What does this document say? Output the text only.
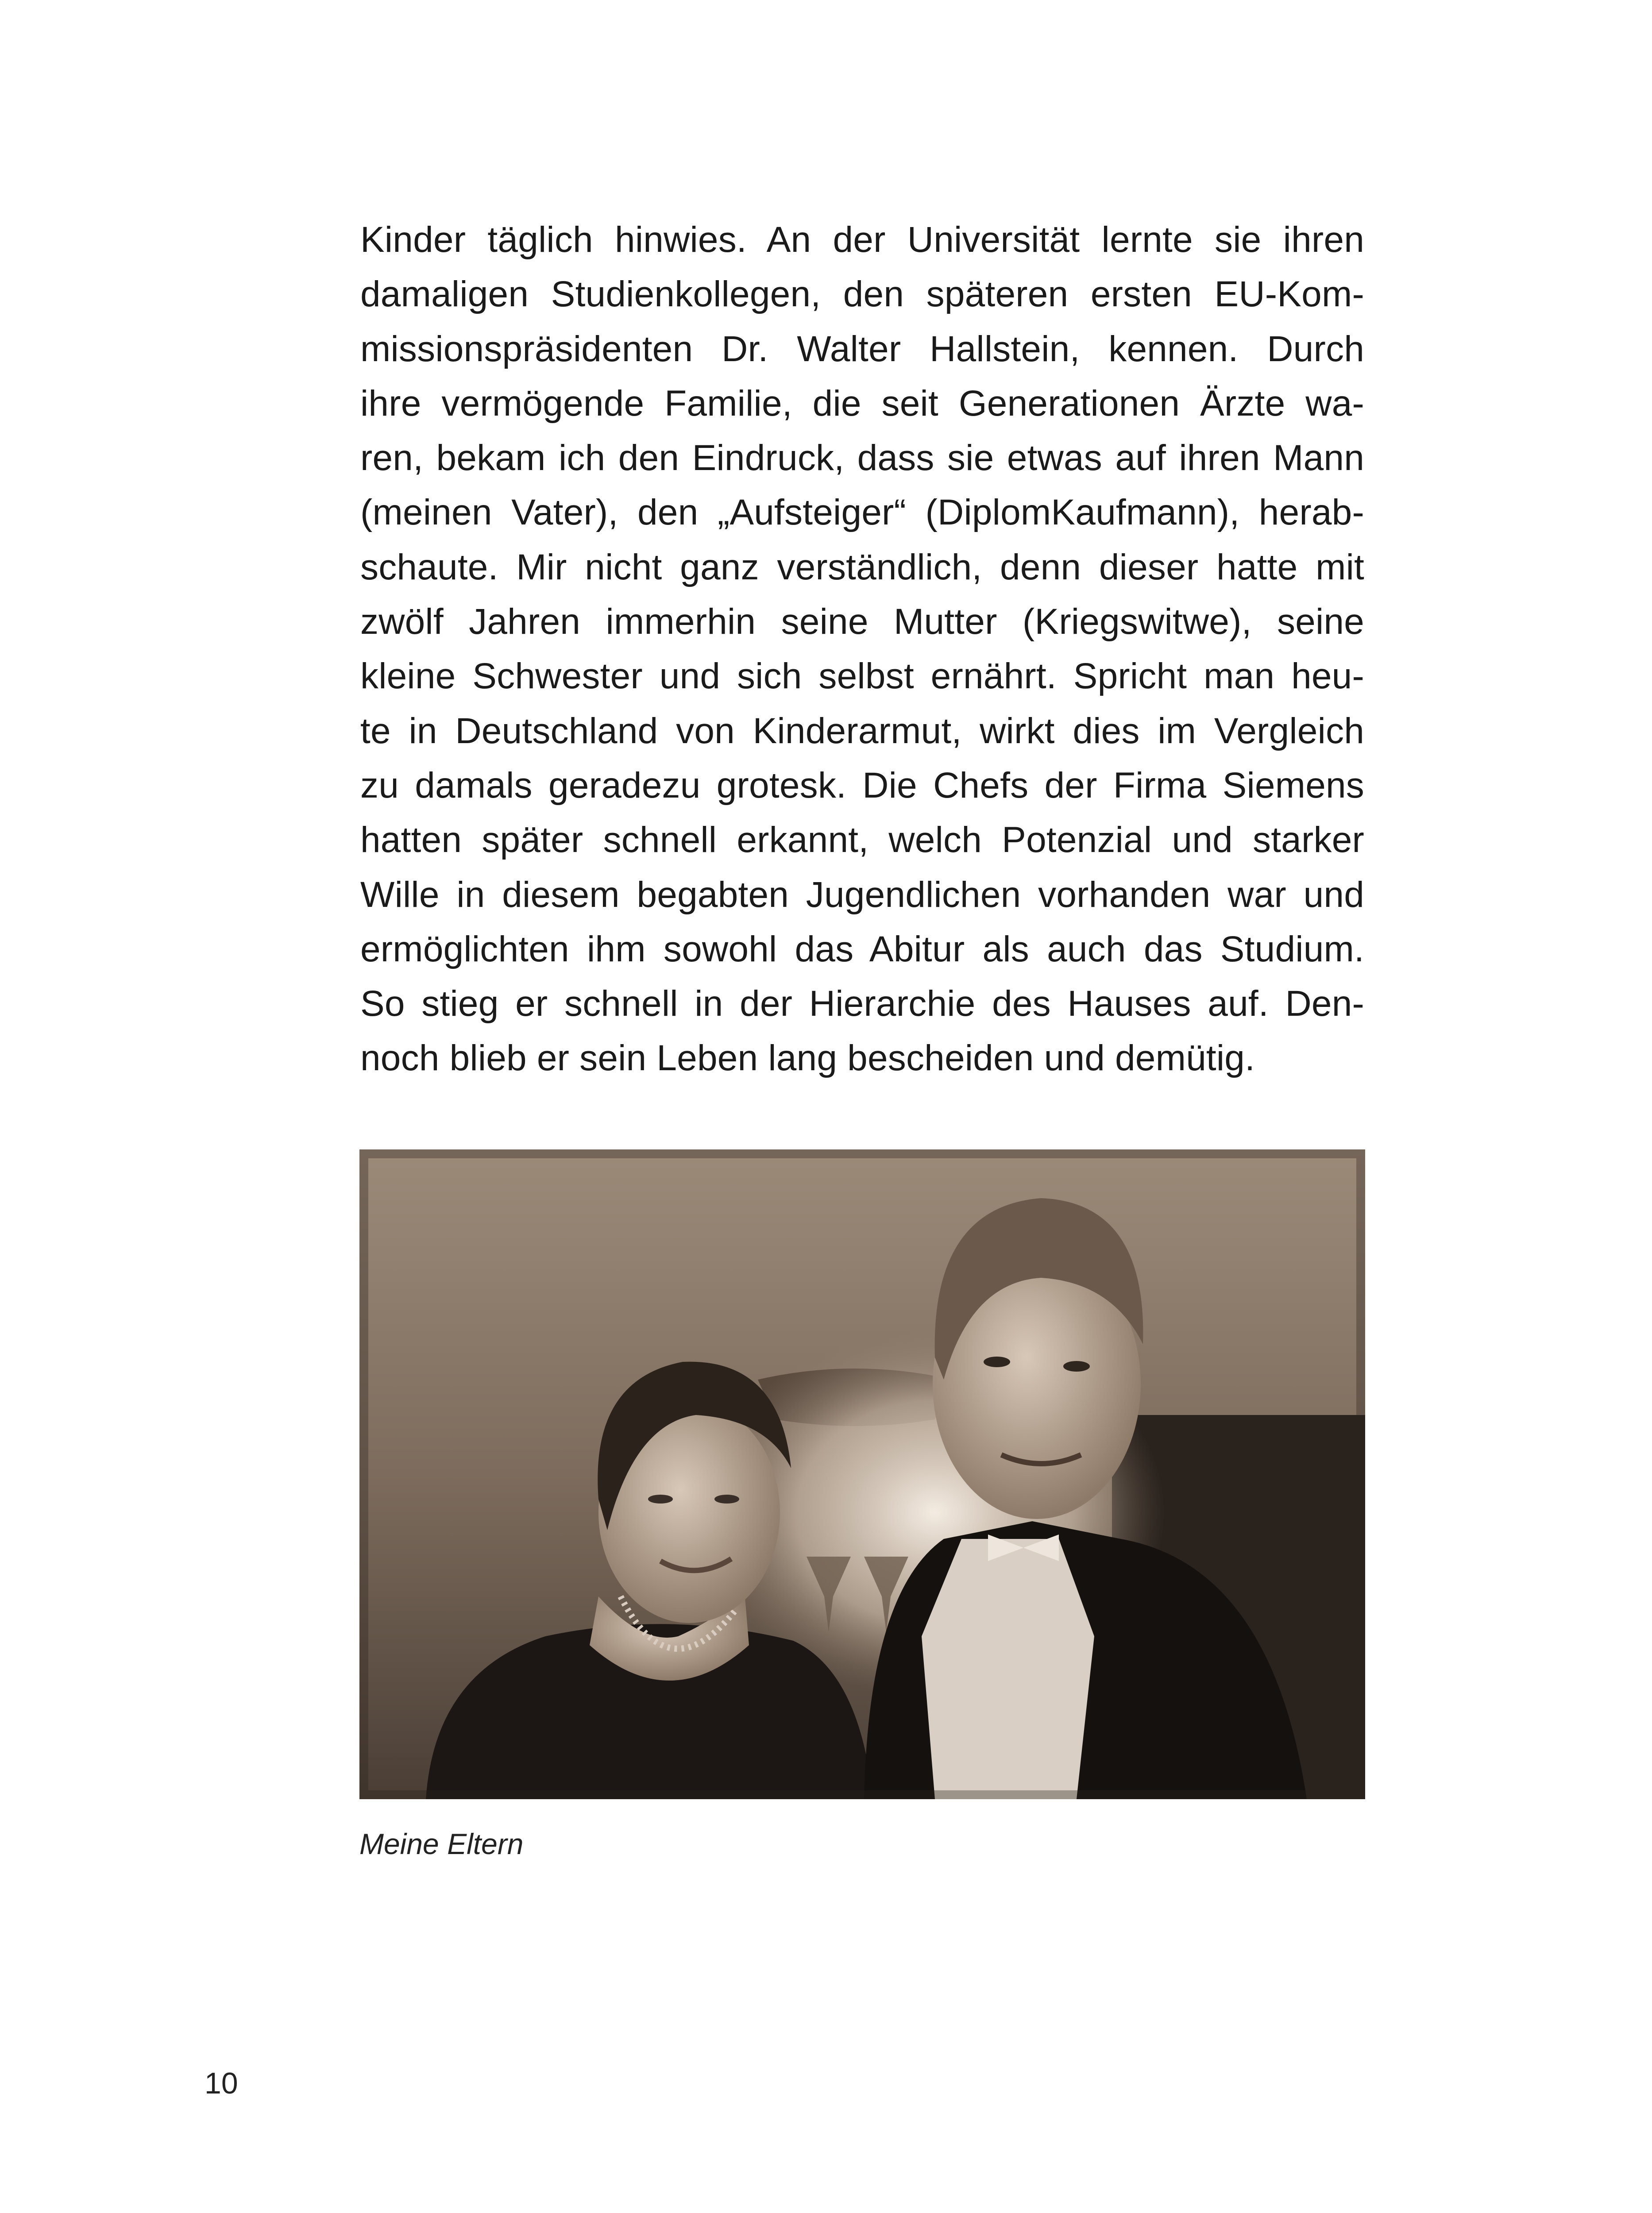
Kinder täglich hinwies. An der Universität lernte sie ihren
damaligen Studienkollegen, den späteren ersten EU-Kom-
missionspräsidenten Dr. Walter Hallstein, kennen. Durch
ihre vermögende Familie, die seit Generationen Ärzte wa-
ren, bekam ich den Eindruck, dass sie etwas auf ihren Mann
(meinen Vater), den „Aufsteiger“ (DiplomKaufmann), herab-
schaute. Mir nicht ganz verständlich, denn dieser hatte mit
zwölf Jahren immerhin seine Mutter (Kriegswitwe), seine
kleine Schwester und sich selbst ernährt. Spricht man heu-
te in Deutschland von Kinderarmut, wirkt dies im Vergleich
zu damals geradezu grotesk. Die Chefs der Firma Siemens
hatten später schnell erkannt, welch Potenzial und starker
Wille in diesem begabten Jugendlichen vorhanden war und
ermöglichten ihm sowohl das Abitur als auch das Studium.
So stieg er schnell in der Hierarchie des Hauses auf. Den-
noch blieb er sein Leben lang bescheiden und demütig.
Meine Eltern
10
